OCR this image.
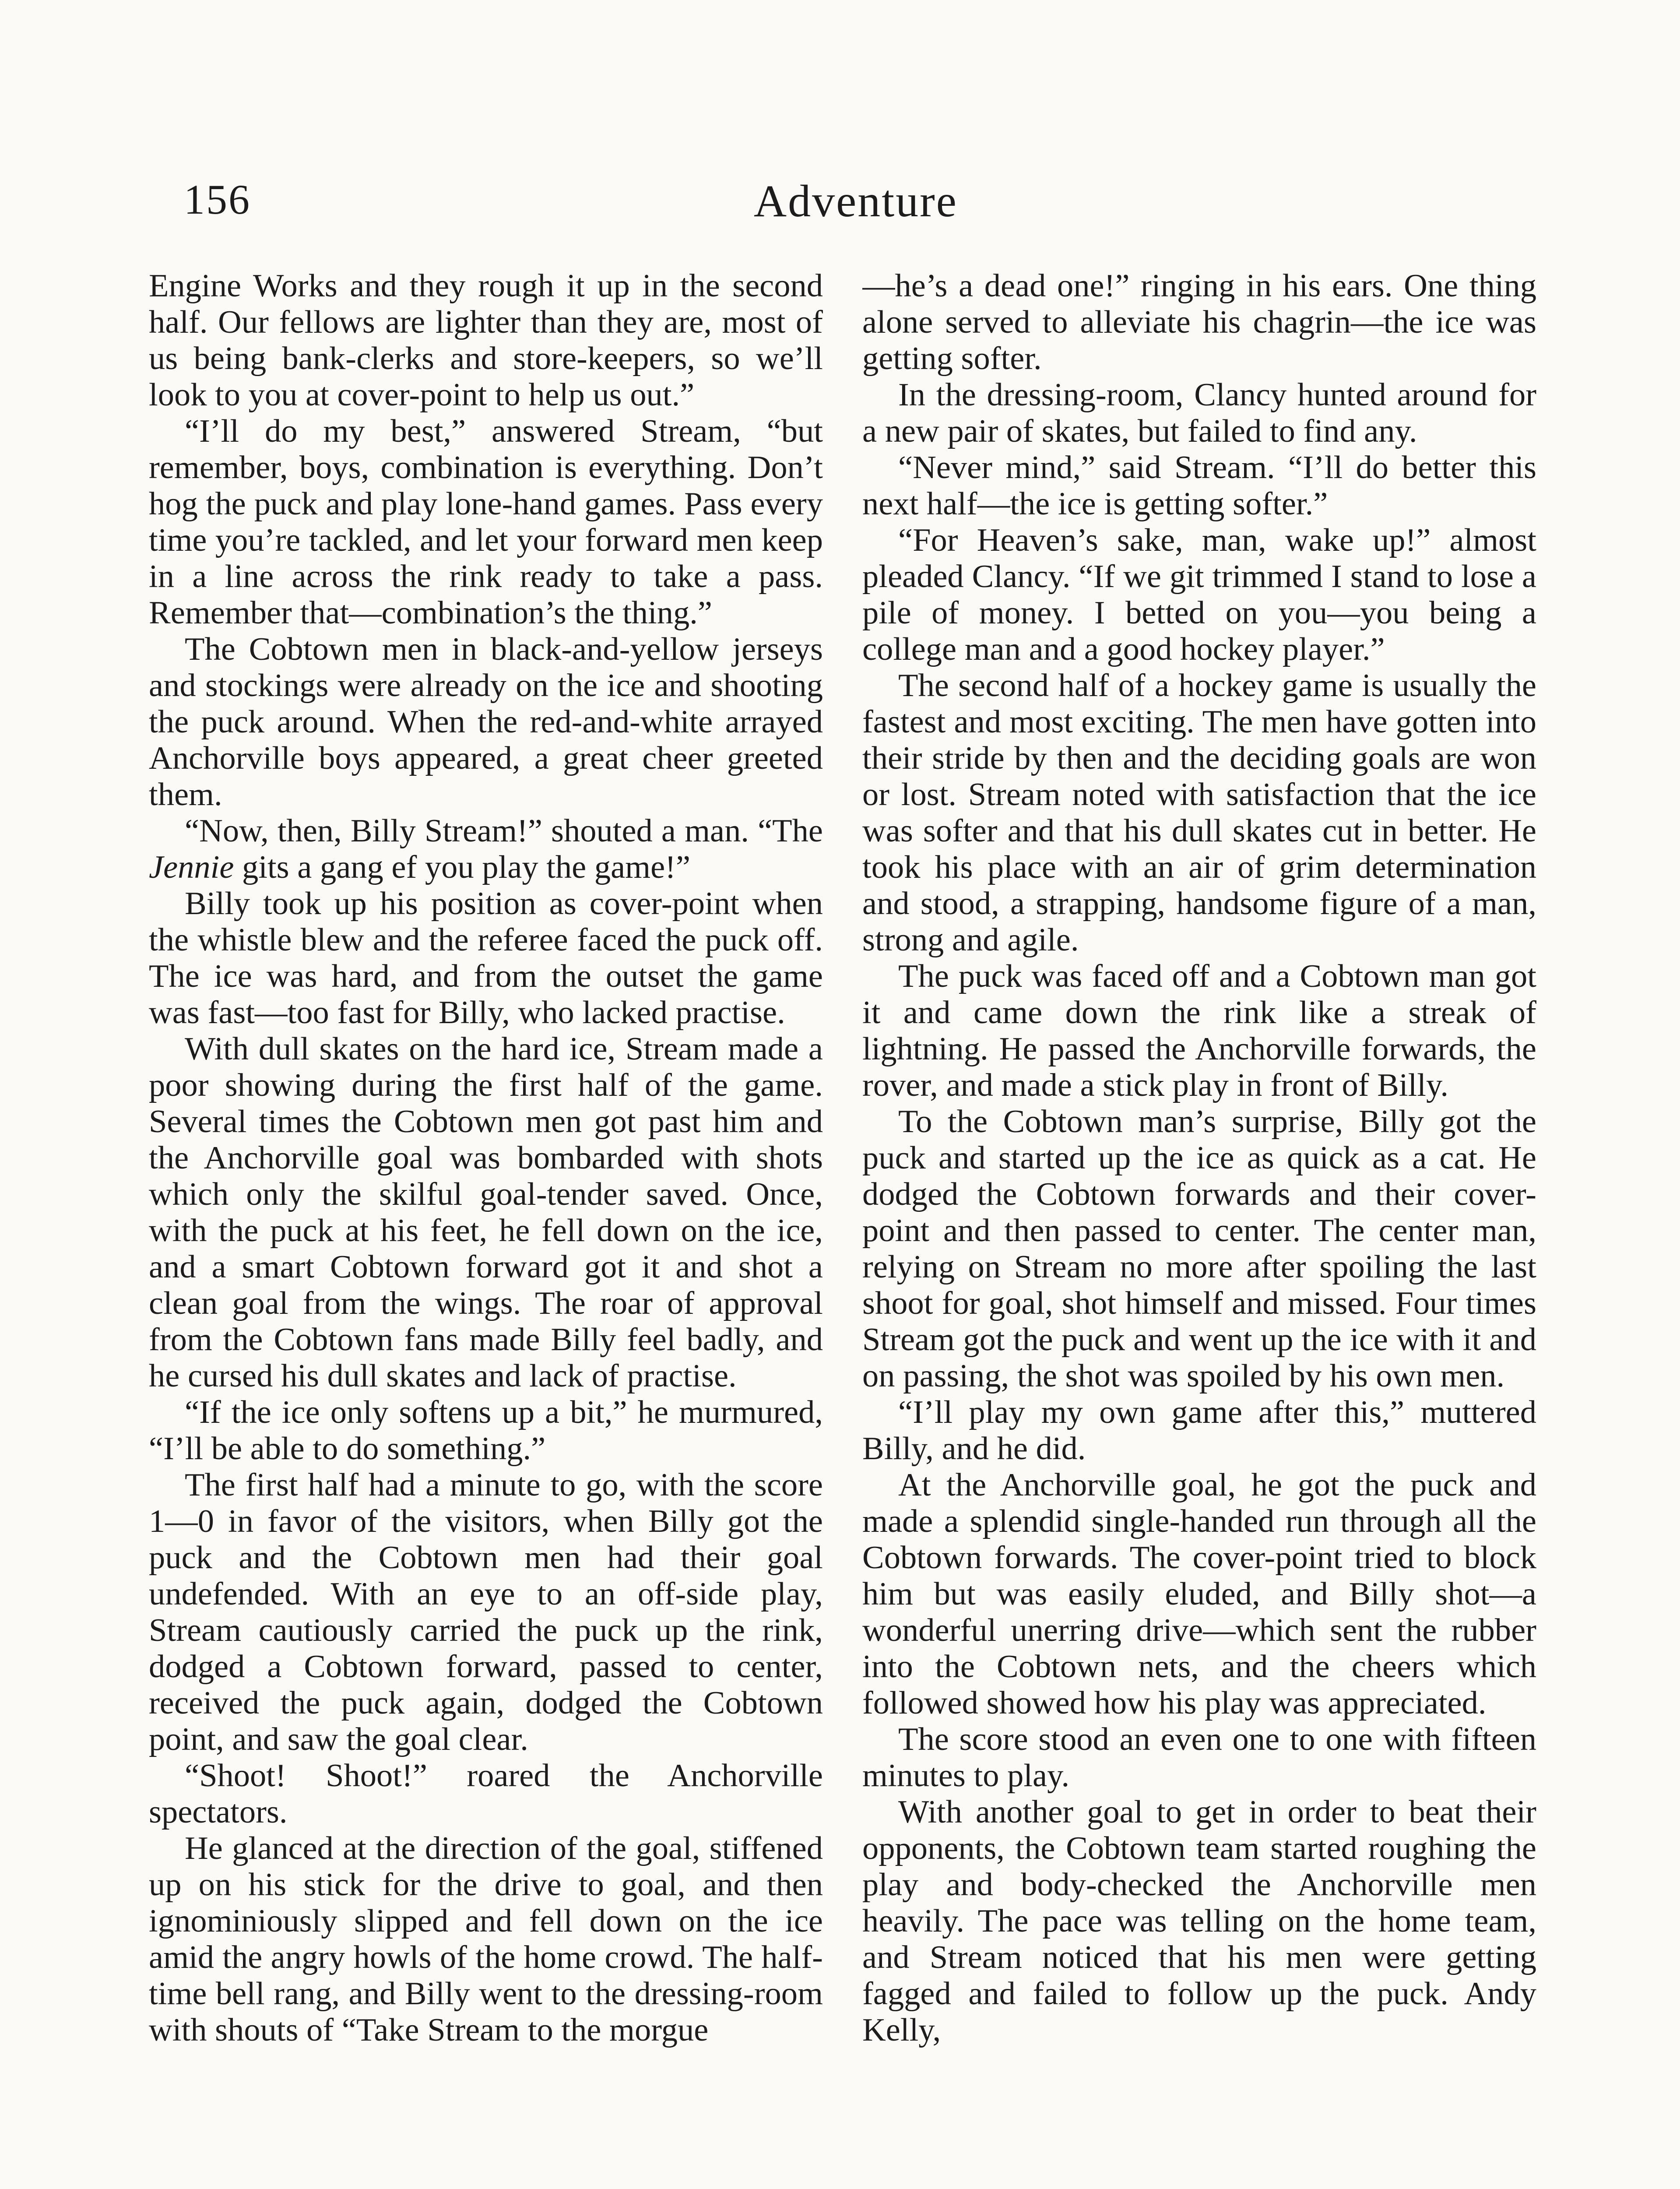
156	Adventure

Engine Works and they rough it up in the second half. Our fellows are lighter than they are, most of us being bank-clerks and store-keepers, so we’ll look to you at cover-point to help us out.”

“I’ll do my best,” answered Stream, “but remember, boys, combination is everything. Don’t hog the puck and play lone-hand games. Pass every time you’re tackled, and let your forward men keep in a line across the rink ready to take a pass. Remember that—combination’s the thing.”

The Cobtown men in black-and-yellow jerseys and stockings were already on the ice and shooting the puck around. When the red-and-white arrayed Anchorville boys appeared, a great cheer greeted them.

“Now, then, Billy Stream!” shouted a man. “The Jennie gits a gang ef you play the game!”

Billy took up his position as cover-point when the whistle blew and the referee faced the puck off. The ice was hard, and from the outset the game was fast—too fast for Billy, who lacked practise.

With dull skates on the hard ice, Stream made a poor showing during the first half of the game. Several times the Cobtown men got past him and the Anchorville goal was bombarded with shots which only the skilful goal-tender saved. Once, with the puck at his feet, he fell down on the ice, and a smart Cobtown forward got it and shot a clean goal from the wings. The roar of approval from the Cobtown fans made Billy feel badly, and he cursed his dull skates and lack of practise.

“If the ice only softens up a bit,” he murmured, “I’ll be able to do something.”

The first half had a minute to go, with the score 1—0 in favor of the visitors, when Billy got the puck and the Cobtown men had their goal undefended. With an eye to an off-side play, Stream cautiously carried the puck up the rink, dodged a Cobtown forward, passed to center, received the puck again, dodged the Cobtown point, and saw the goal clear.

“Shoot! Shoot!” roared the Anchorville spectators.

He glanced at the direction of the goal, stiffened up on his stick for the drive to goal, and then ignominiously slipped and fell down on the ice amid the angry howls of the home crowd. The half-time bell rang, and Billy went to the dressing-room with shouts of “Take Stream to the morgue

—he’s a dead one!” ringing in his ears. One thing alone served to alleviate his chagrin—the ice was getting softer.

In the dressing-room, Clancy hunted around for a new pair of skates, but failed to find any.

“Never mind,” said Stream. “I’ll do better this next half—the ice is getting softer.”

“For Heaven’s sake, man, wake up!” almost pleaded Clancy. “If we git trimmed I stand to lose a pile of money. I betted on you—you being a college man and a good hockey player.”

The second half of a hockey game is usually the fastest and most exciting. The men have gotten into their stride by then and the deciding goals are won or lost. Stream noted with satisfaction that the ice was softer and that his dull skates cut in better. He took his place with an air of grim determination and stood, a strapping, handsome figure of a man, strong and agile.

The puck was faced off and a Cobtown man got it and came down the rink like a streak of lightning. He passed the Anchorville forwards, the rover, and made a stick play in front of Billy.

To the Cobtown man’s surprise, Billy got the puck and started up the ice as quick as a cat. He dodged the Cobtown forwards and their cover-point and then passed to center. The center man, relying on Stream no more after spoiling the last shoot for goal, shot himself and missed. Four times Stream got the puck and went up the ice with it and on passing, the shot was spoiled by his own men.

“I’ll play my own game after this,” muttered Billy, and he did.

At the Anchorville goal, he got the puck and made a splendid single-handed run through all the Cobtown forwards. The cover-point tried to block him but was easily eluded, and Billy shot—a wonderful unerring drive—which sent the rubber into the Cobtown nets, and the cheers which followed showed how his play was appreciated.

The score stood an even one to one with fifteen minutes to play.

With another goal to get in order to beat their opponents, the Cobtown team started roughing the play and body-checked the Anchorville men heavily. The pace was telling on the home team, and Stream noticed that his men were getting fagged and failed to follow up the puck. Andy Kelly,
